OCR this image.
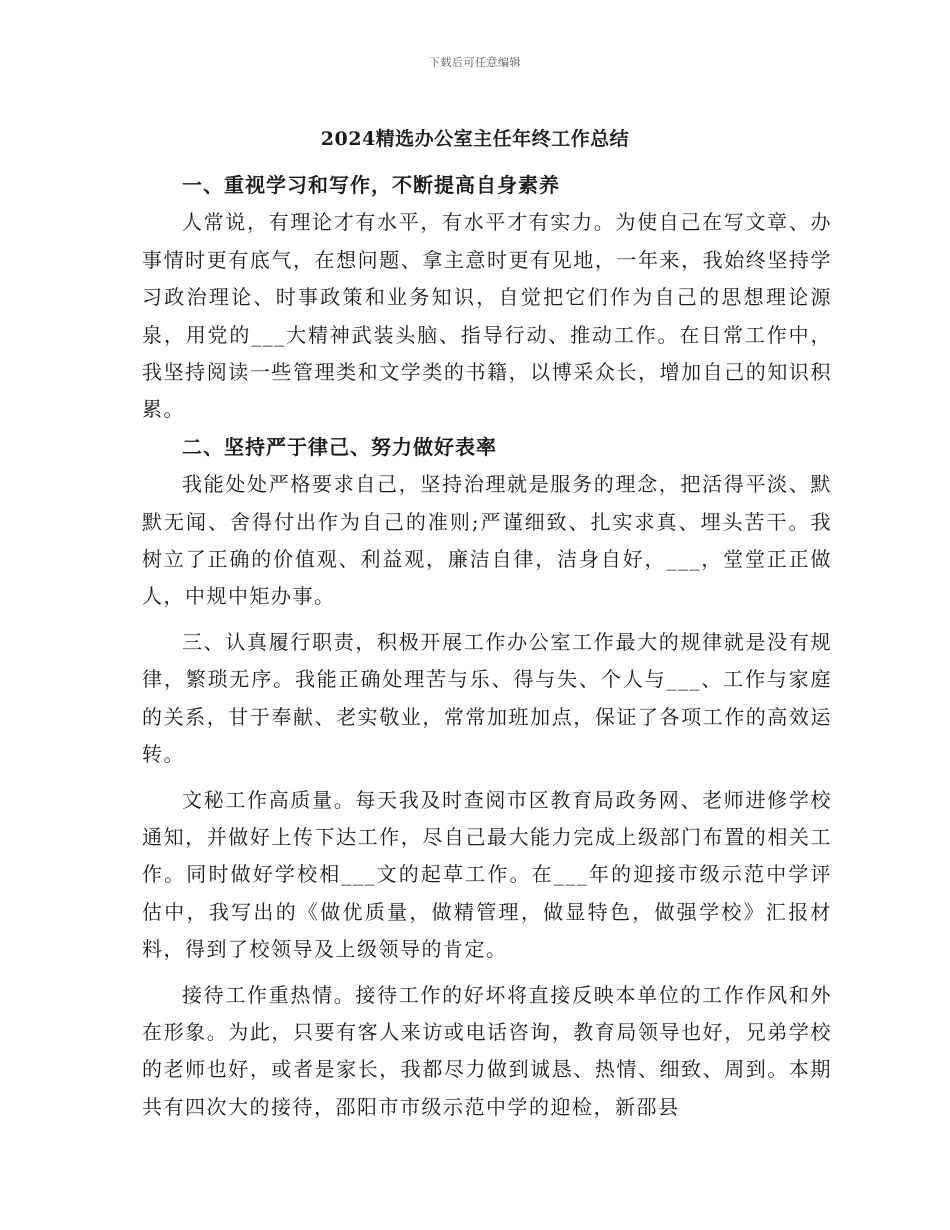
下载后可任意编辑
2024精选办公室主任年终工作总结

一、重视学习和写作，不断提高自身素养

人常说，有理论才有水平，有水平才有实力。为使自己在写文章、办事情时更有底气，在想问题、拿主意时更有见地，一年来，我始终坚持学习政治理论、时事政策和业务知识，自觉把它们作为自己的思想理论源泉，用党的___大精神武装头脑、指导行动、推动工作。在日常工作中，我坚持阅读一些管理类和文学类的书籍，以博采众长，增加自己的知识积累。

二、坚持严于律己、努力做好表率

我能处处严格要求自己，坚持治理就是服务的理念，把活得平淡、默默无闻、舍得付出作为自己的准则;严谨细致、扎实求真、埋头苦干。我树立了正确的价值观、利益观，廉洁自律，洁身自好，___，堂堂正正做人，中规中矩办事。

三、认真履行职责，积极开展工作办公室工作最大的规律就是没有规律，繁琐无序。我能正确处理苦与乐、得与失、个人与___、工作与家庭的关系，甘于奉献、老实敬业，常常加班加点，保证了各项工作的高效运转。

文秘工作高质量。每天我及时查阅市区教育局政务网、老师进修学校通知，并做好上传下达工作，尽自己最大能力完成上级部门布置的相关工作。同时做好学校相___文的起草工作。在___年的迎接市级示范中学评估中，我写出的《做优质量，做精管理，做显特色，做强学校》汇报材料，得到了校领导及上级领导的肯定。

接待工作重热情。接待工作的好坏将直接反映本单位的工作作风和外在形象。为此，只要有客人来访或电话咨询，教育局领导也好，兄弟学校的老师也好，或者是家长，我都尽力做到诚恳、热情、细致、周到。本期共有四次大的接待，邵阳市市级示范中学的迎检，新邵县
